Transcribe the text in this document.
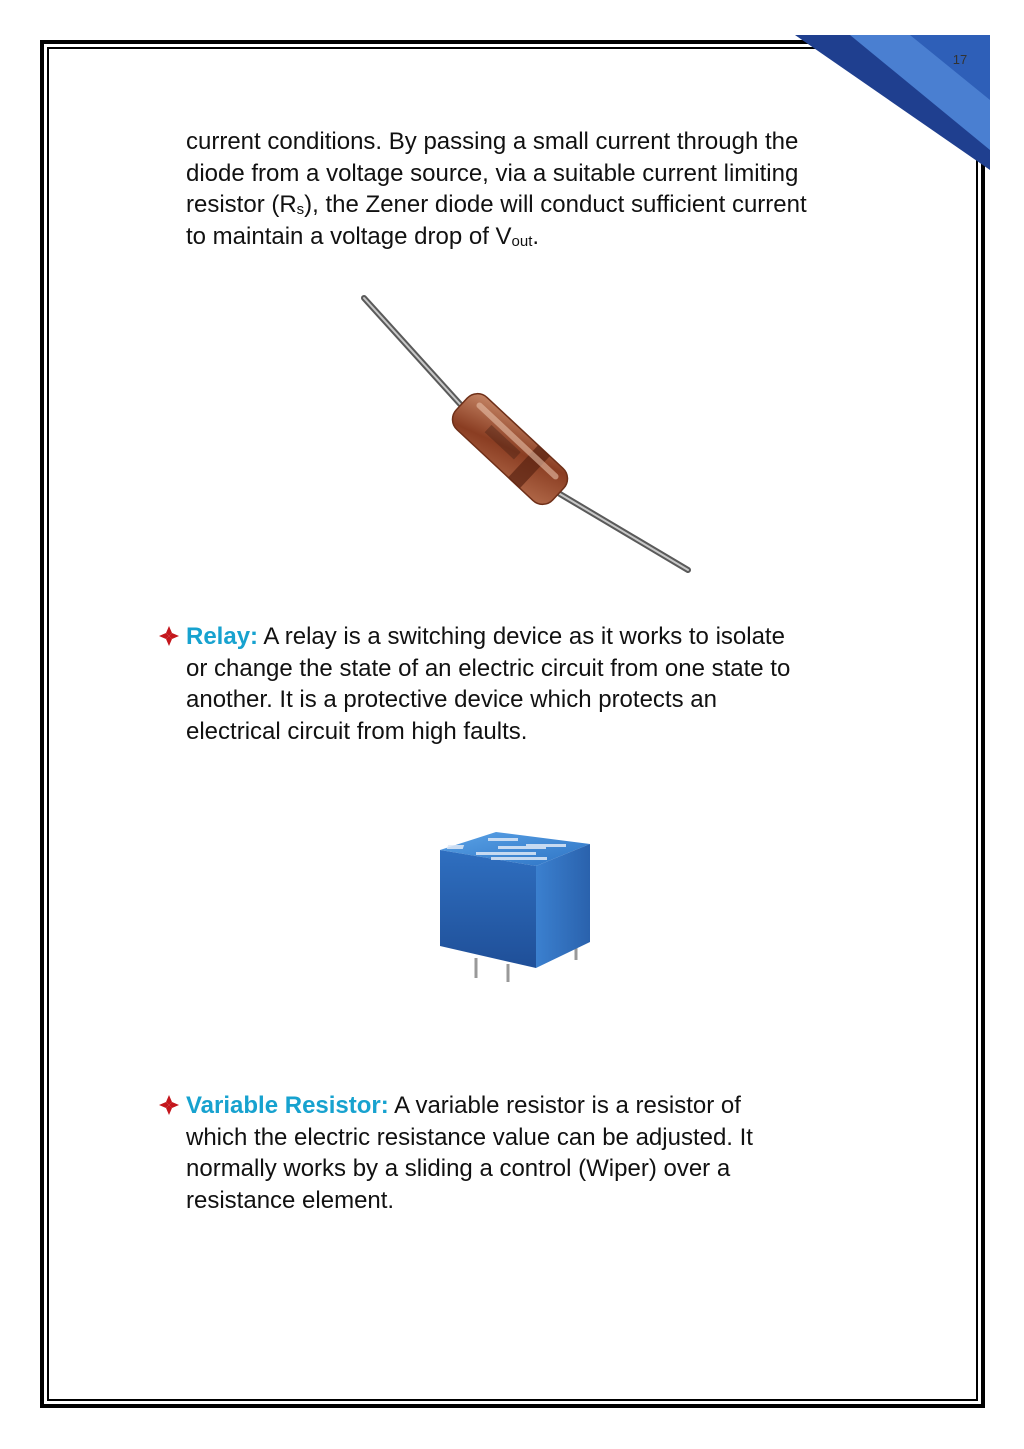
17

current conditions. By passing a small current through the
diode from a voltage source, via a suitable current limiting
resistor $(R_s)$, the Zener diode will conduct sufficient current
to maintain a voltage drop of $V_{out}$.

Relay: A relay is a switching device as it works to isolate
or change the state of an electric circuit from one state to
another. It is a protective device which protects an
electrical circuit from high faults.
Variable Resistor: A variable resistor is a resistor of
which the electric resistance value can be adjusted. It
normally works by a sliding a control (Wiper) over a
resistance element.
